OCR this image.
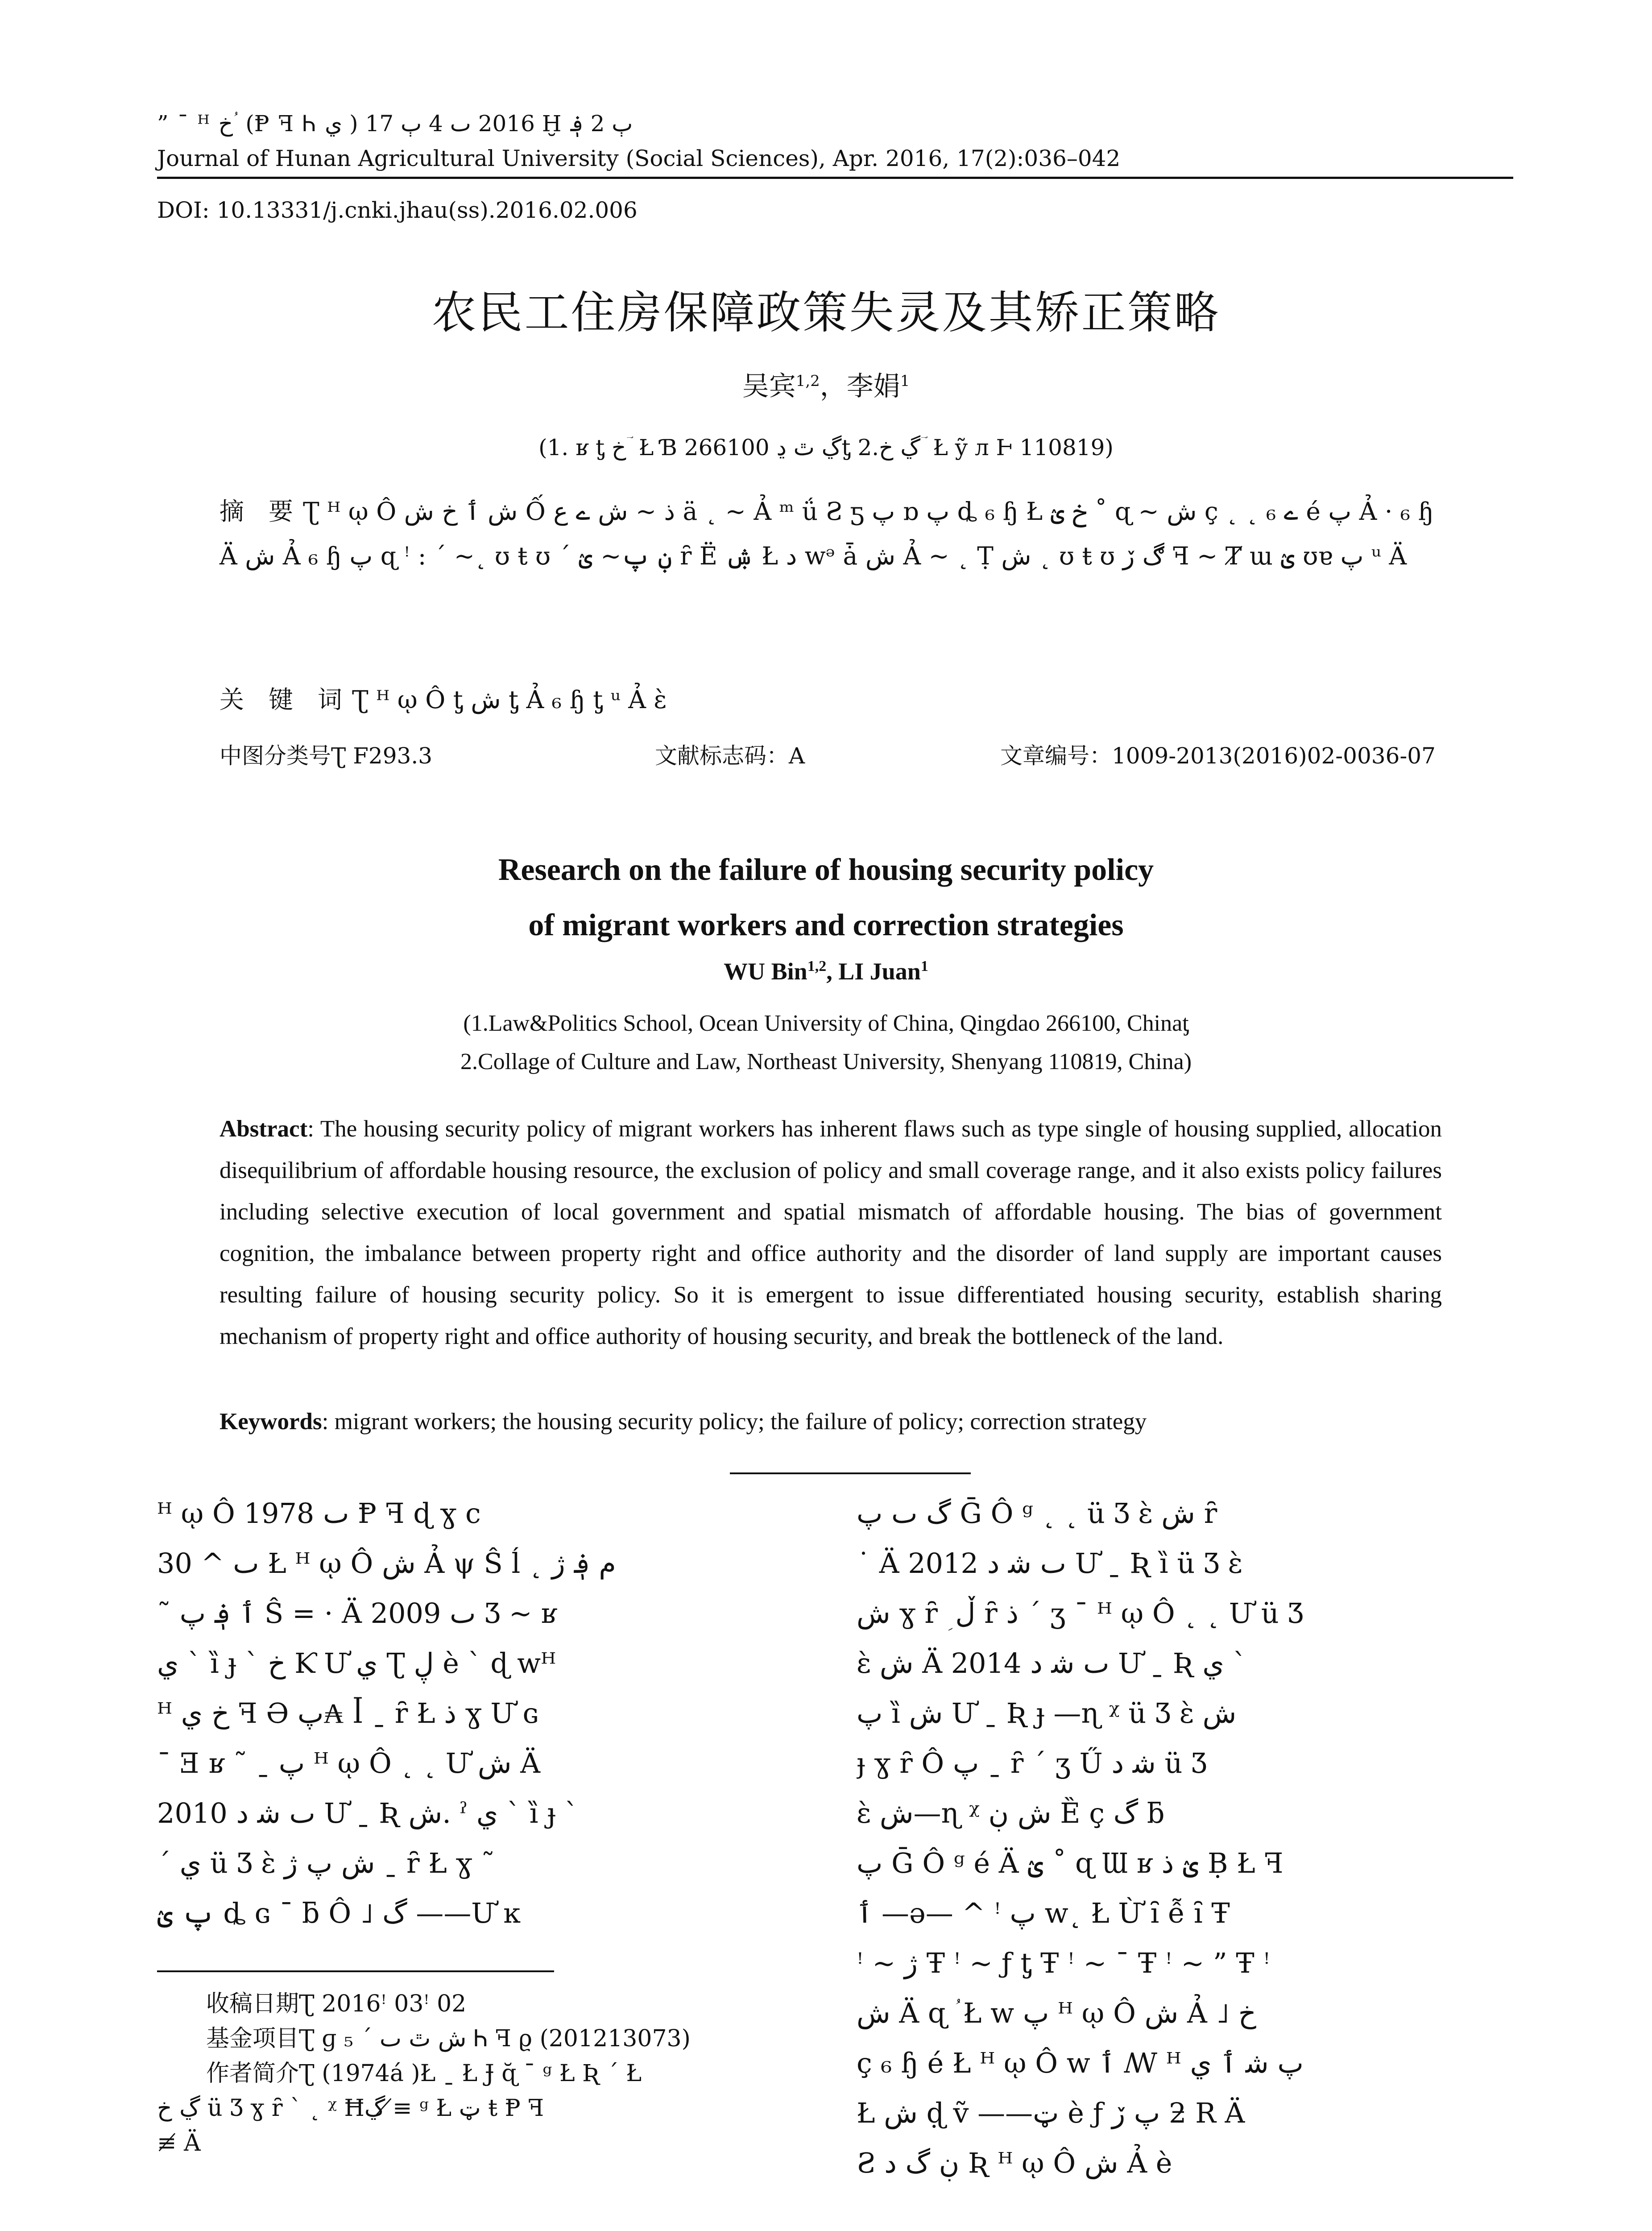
” ¯ ᴴ خ ؙ (Ᵽ ꟻ Ꮒ ي ) 2016 ٮ 4 ٻ 17 Ḫ ٻ 2 ؋
Journal of Hunan Agricultural University (Social Sciences), Apr. 2016, 17(2):036–042
DOI: 10.13331/j.cnki.jhau(ss).2016.02.006
农民工住房保障政策失灵及其矫正策略
吴宾$^{1,2}$，李娟$^1$
(1. ʁ ƫ خ ؔ Ł Ɓ ڲ ٿ ڍ 266100ƫ 2.ڲ خ ؔ Ł ỹ л Ͱ 110819)
摘　要 Ʈ ᴴ ῳ Ô ش ٲ خ ش Ố ذ ~ ش ے ع ä ˛ ~ Ả ᵐ ǘ Ƨ ƽ پ ɒ پ ȡ ₆ ɧ Ł خ ؽ ˚ ɋ ~ ش ç ˛ ˛ ₆ ے é پ Ả · ₆ ɧ Ä ش Ả ₆ ɧ پ ɋ ꜝ : ´ ~˛ ʊ ŧ ʊ ´ ڹ پ~ ؽ ȓ Ë ۺ Ł د wᵊ ǡ ش Ả ~ ˛ Ṭ ش ˛ ʊ ŧ ʊ ڰ ڒ ꟻ ~ Ⱦ ɯ ؽ ʊɐ پ ᵘ Ä
关　键　词 Ʈ ᴴ ῳ Ô ƫ ش ƫ Ả ₆ ɧ ƫ ᵘ Ả ɛ̀
中图分类号Ʈ F293.3	文献标志码：A	文章编号：1009-2013(2016)02-0036-07
Research on the failure of housing security policy
of migrant workers and correction strategies
WU Bin$^{1,2}$, LI Juan$^1$
(1.Law&Politics School, Ocean University of China, Qingdao 266100, Chinaƫ
2.Collage of Culture and Law, Northeast University, Shenyang 110819, China)
Abstract: The housing security policy of migrant workers has inherent flaws such as type single of housing supplied, allocation disequilibrium of affordable housing resource, the exclusion of policy and small coverage range, and it also exists policy failures including selective execution of local government and spatial mismatch of affordable housing. The bias of government cognition, the imbalance between property right and office authority and the disorder of land supply are important causes resulting failure of housing security policy. So it is emergent to issue differentiated housing security, establish sharing mechanism of property right and office authority of housing security, and break the bottleneck of the land.
Keywords: migrant workers; the housing security policy; the failure of policy; correction strategy
ᴴ ῳ Ô 1978 ٮ Ᵽ ꟻ ɖ ɣ c
30 ^ ٮ Ł ᴴ ῳ Ô ش Ả ψ Ŝ ĺ ˛ م ؋ ژ
˜ ٲ ؋ پ Ŝ = · Ä 2009 ٮ Ʒ ~ ʁ
ي ` ȉ ɟ ` خ Ƙ Ư ي Ʈ ڸ è ` ɖ wᴴ
ᴴ خ ي ꟻ Ә پ₳ ꟾ ˍ ȓ Ł ذ ɣ Ư ɢ
¯ Ǝ ʁ ˜ ˍ پ ᴴ ῳ Ô ˛ ˛ Ư ش Ä
2010 ٮ ﺷ د Ư ˍ Ʀ ش. ˀ ي ` ȉ ɟ `
ˊ ي ü Ʒ ɛ̀ ش پ ژ ˍ ȓ Ł ɣ ˜
پ ؽ ȡ ɢ ¯ ƃ Ô ˩ گ ——Ư ĸ
گ ٮ پ Ḡ Ô ᵍ ˛ ˛ ü Ʒ ɛ̀ ش ȓ
˙ Ä 2012 ٮ ﺷ د Ư ˍ Ʀ ȉ ü Ʒ ɛ̀
ش ɣ ȓ ؚ ڵ ȓ ذ ´ ʒ ¯ ᴴ ῳ Ô ˛ ˛ Ư ü Ʒ
ɛ̀ ش Ä 2014 ٮ ﺷ د Ư ˍ Ʀ ي `
پ ȉ ش Ư ˍ Ʀ ɟ —ɳ ᵡ ü Ʒ ɛ̀ ش
ɟ ɣ ȓ Ô پ ˍ ȓ ´ ʒ Ű ﺷ د ü Ʒ
ɛ̀ ش—ɳ ᵡ ش ڹ Ȅ ç گ ƃ
پ Ḡ Ô ᵍ é Ä ؽ ˚ ɋ Ɯ ʁ ؽ ذ Ḅ Ł ꟻ
ٲ —ә— ^ ꜝ پ w˛ Ł Ừ ȋ ễ ȋ Ŧ
ꜝ ~ ژ Ŧ ꜝ ~ ƒ ƫ Ŧ ꜝ ~ ¯ Ŧ ꜝ ~ ” Ŧ ꜝ
ش Ä ɋ ؙ Ł w پ ᴴ ῳ Ô ش Ả ˩ خ
ç ₆ ɧ é Ł ᴴ ῳ Ô w ٲ ꟿ ᴴ پ ﺷ ٲ ي
Ł ش ɖ̣ ṽ ——ټ è ƒ پ ڒ ƻ R Ä
Ƨ ڹ گ د Ʀ ᴴ ῳ Ô ش Ả è
收稿日期Ʈ 2016ꜝ 03ꜝ 02
基金项目Ʈ ɡ ش ٿ ٮ ´ ₅ Ꮒ ꟻ ϱ (201213073)
作者简介Ʈ (1974á )Ł ˍ Ł Ɉ ɋ̆ ¯ ᵍ Ł Ʀ ´ Ł
ڲ خ ü Ʒ ɣ ȓ ` ˛ ᵡ Ħڲ ≢ ᵍ Ł ټ ŧ Ᵽ ꟻ
≢ Ä
